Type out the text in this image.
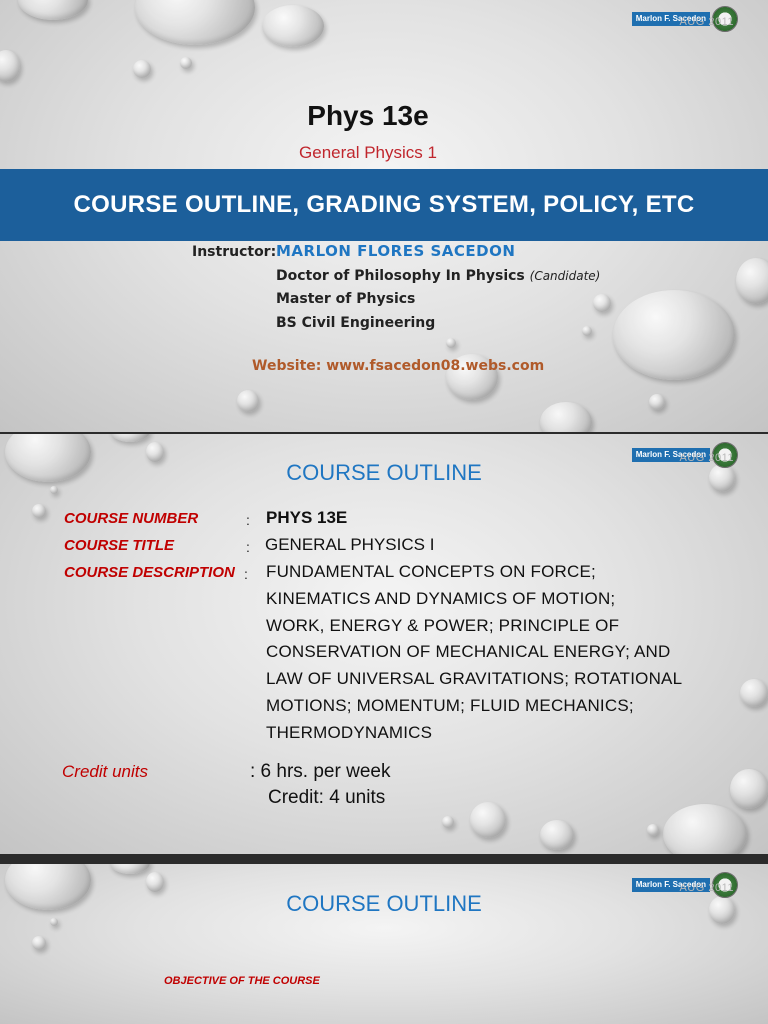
Marlon F. Sacedon
AUG 2011
Phys 13e
General Physics 1
COURSE OUTLINE, GRADING SYSTEM, POLICY, ETC
Instructor: MARLON FLORES SACEDON
Doctor of Philosophy In Physics (Candidate)
Master of Physics
BS Civil Engineering
Website: www.fsacedon08.webs.com
Marlon F. Sacedon
AUG 2011
COURSE OUTLINE
COURSE NUMBER	: PHYS 13E
COURSE TITLE	: GENERAL PHYSICS I
COURSE DESCRIPTION : FUNDAMENTAL CONCEPTS ON FORCE;
KINEMATICS AND DYNAMICS OF MOTION;
WORK, ENERGY & POWER; PRINCIPLE OF
CONSERVATION OF MECHANICAL ENERGY; AND
LAW OF UNIVERSAL GRAVITATIONS; ROTATIONAL
MOTIONS; MOMENTUM; FLUID MECHANICS;
THERMODYNAMICS
Credit units	: 6 hrs. per week
Credit: 4 units
Marlon F. Sacedon
AUG 2011
COURSE OUTLINE
OBJECTIVE OF THE COURSE
